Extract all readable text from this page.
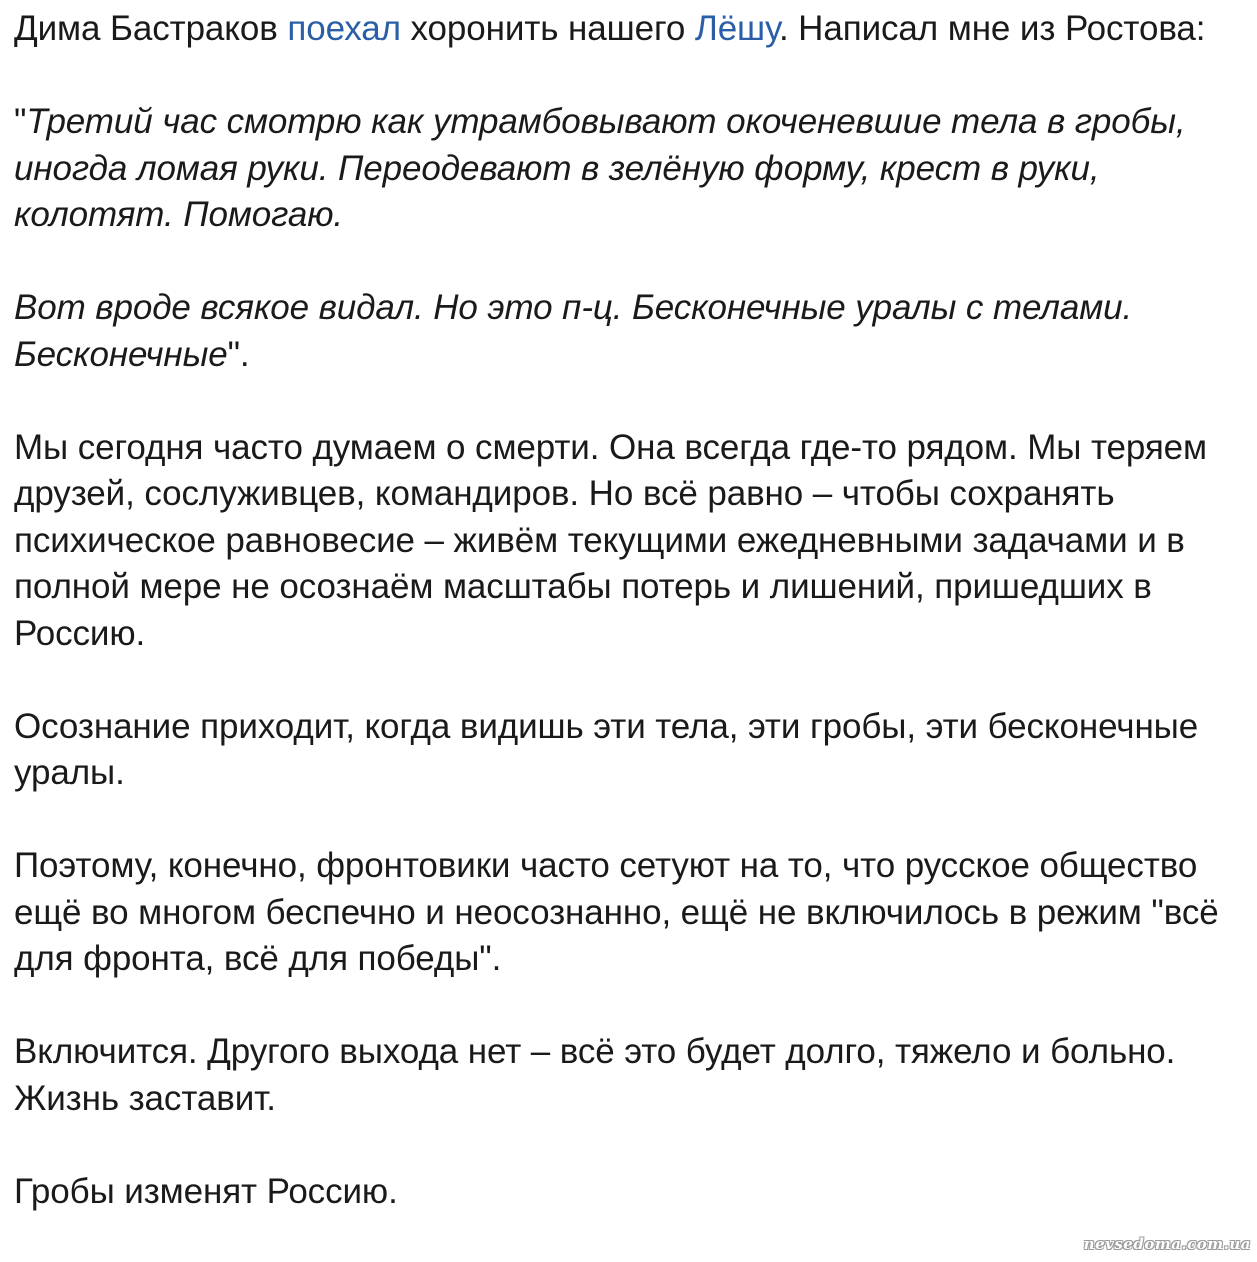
Дима Бастраков поехал хоронить нашего Лёшу. Написал мне из Ростова:

"Третий час смотрю как утрамбовывают окоченевшие тела в гробы, иногда ломая руки. Переодевают в зелёную форму, крест в руки, колотят. Помогаю.

Вот вроде всякое видал. Но это п-ц. Бесконечные уралы с телами. Бесконечные".

Мы сегодня часто думаем о смерти. Она всегда где-то рядом. Мы теряем друзей, сослуживцев, командиров. Но всё равно – чтобы сохранять психическое равновесие – живём текущими ежедневными задачами и в полной мере не осознаём масштабы потерь и лишений, пришедших в Россию.

Осознание приходит, когда видишь эти тела, эти гробы, эти бесконечные уралы.

Поэтому, конечно, фронтовики часто сетуют на то, что русское общество ещё во многом беспечно и неосознанно, ещё не включилось в режим "всё для фронта, всё для победы".

Включится. Другого выхода нет – всё это будет долго, тяжело и больно. Жизнь заставит.

Гробы изменят Россию.

nevsedoma.com.ua
